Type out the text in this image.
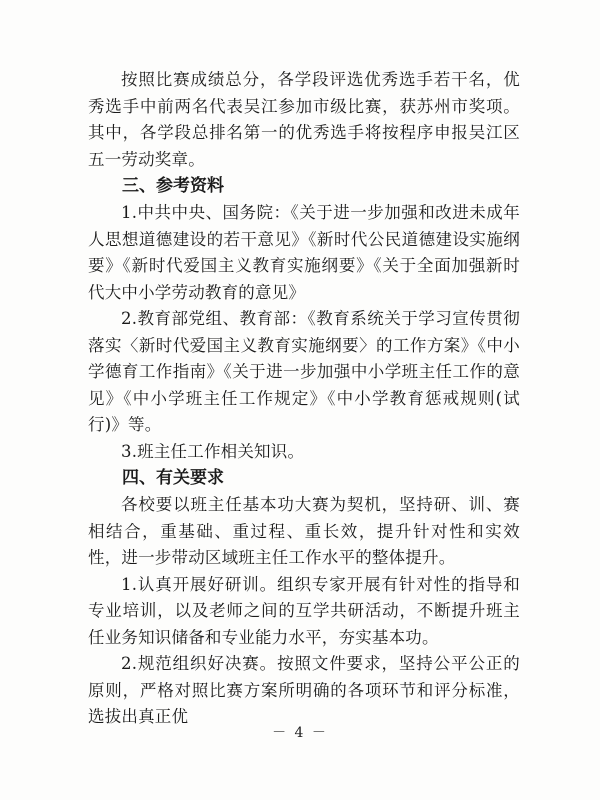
按照比赛成绩总分，各学段评选优秀选手若干名，优秀选手中前两名代表吴江参加市级比赛，获苏州市奖项。其中，各学段总排名第一的优秀选手将按程序申报吴江区五一劳动奖章。

三、参考资料

1.中共中央、国务院：《关于进一步加强和改进未成年人思想道德建设的若干意见》《新时代公民道德建设实施纲要》《新时代爱国主义教育实施纲要》《关于全面加强新时代大中小学劳动教育的意见》

2.教育部党组、教育部：《教育系统关于学习宣传贯彻落实〈新时代爱国主义教育实施纲要〉的工作方案》《中小学德育工作指南》《关于进一步加强中小学班主任工作的意见》《中小学班主任工作规定》《中小学教育惩戒规则(试行)》等。

3.班主任工作相关知识。

四、有关要求

各校要以班主任基本功大赛为契机，坚持研、训、赛相结合，重基础、重过程、重长效，提升针对性和实效性，进一步带动区域班主任工作水平的整体提升。

1.认真开展好研训。组织专家开展有针对性的指导和专业培训，以及老师之间的互学共研活动，不断提升班主任业务知识储备和专业能力水平，夯实基本功。

2.规范组织好决赛。按照文件要求，坚持公平公正的原则，严格对照比赛方案所明确的各项环节和评分标准，选拔出真正优

－ 4 －
